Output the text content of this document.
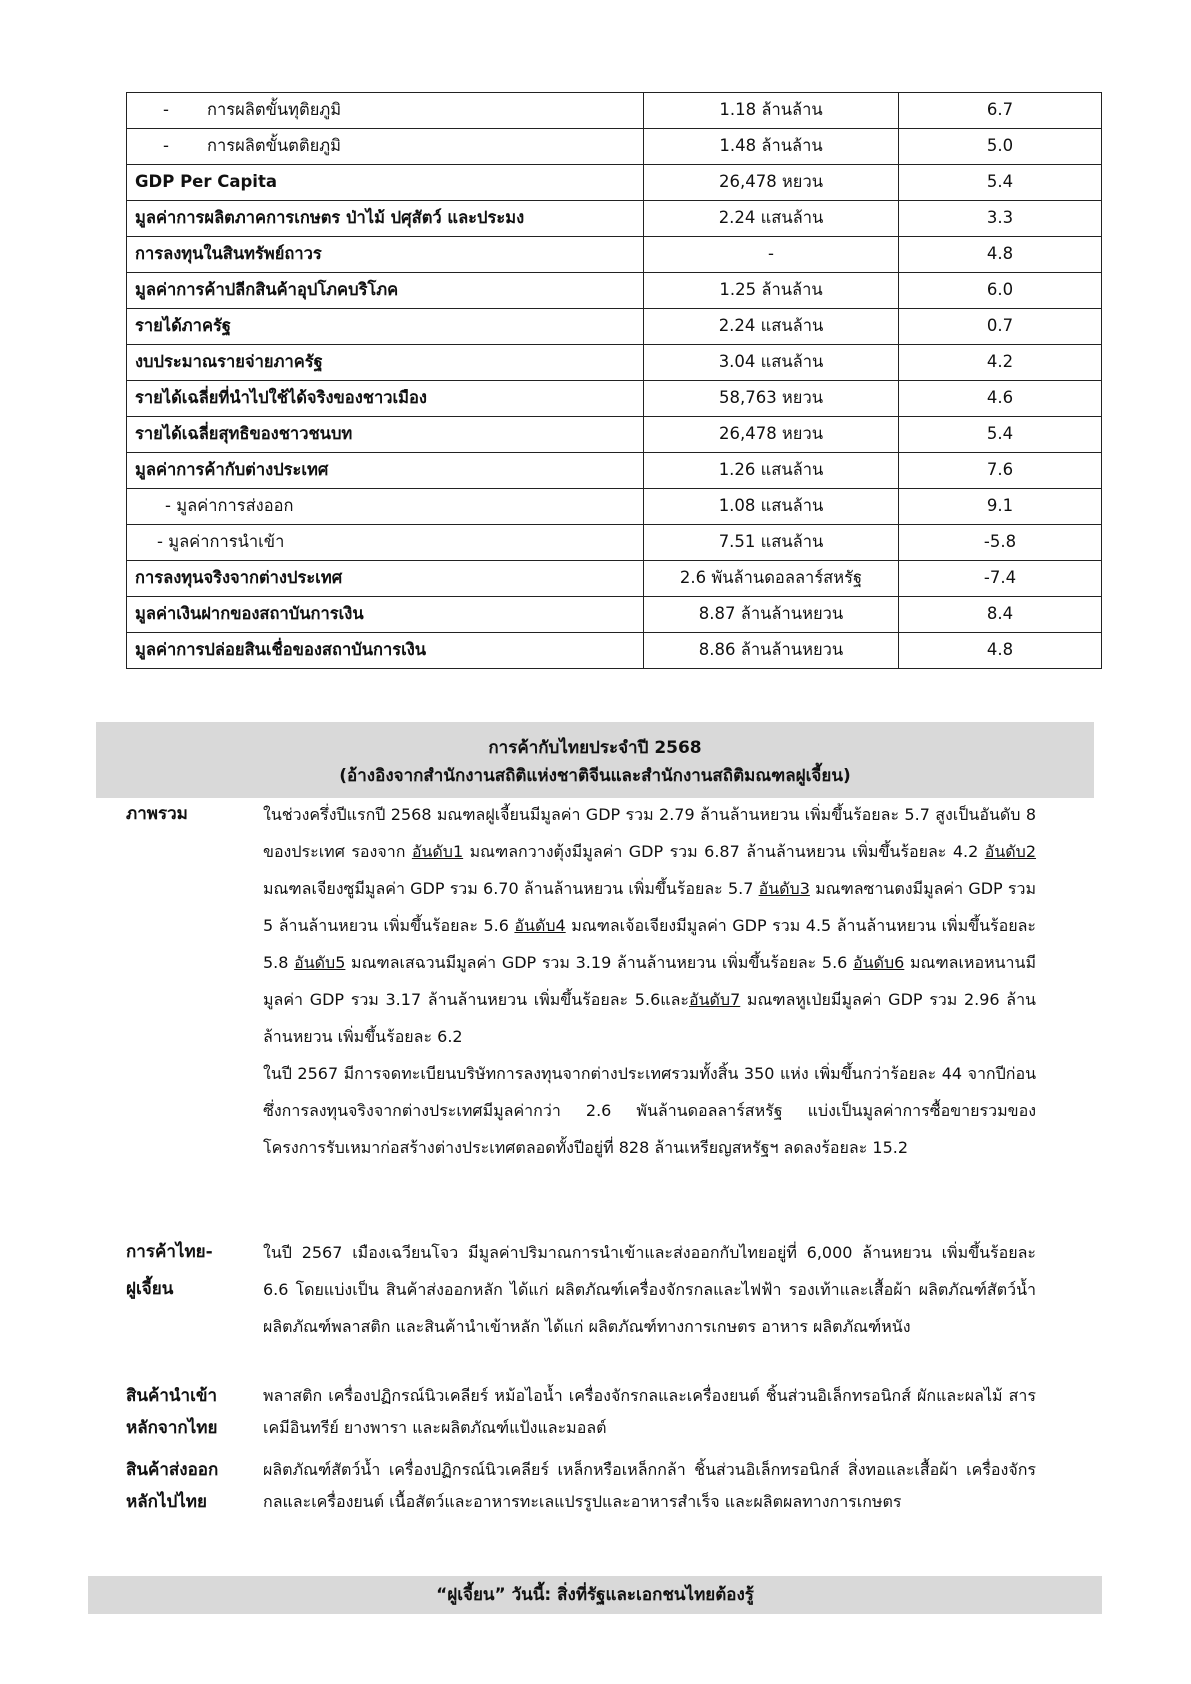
- การผลิตขั้นทุติยภูมิ	1.18 ล้านล้าน	6.7
- การผลิตขั้นตติยภูมิ	1.48 ล้านล้าน	5.0
GDP Per Capita	26,478 หยวน	5.4
มูลค่าการผลิตภาคการเกษตร ป่าไม้ ปศุสัตว์ และประมง	2.24 แสนล้าน	3.3
การลงทุนในสินทรัพย์ถาวร	-	4.8
มูลค่าการค้าปลีกสินค้าอุปโภคบริโภค	1.25 ล้านล้าน	6.0
รายได้ภาครัฐ	2.24 แสนล้าน	0.7
งบประมาณรายจ่ายภาครัฐ	3.04 แสนล้าน	4.2
รายได้เฉลี่ยที่นำไปใช้ได้จริงของชาวเมือง	58,763 หยวน	4.6
รายได้เฉลี่ยสุทธิของชาวชนบท	26,478 หยวน	5.4
มูลค่าการค้ากับต่างประเทศ	1.26 แสนล้าน	7.6
- มูลค่าการส่งออก	1.08 แสนล้าน	9.1
- มูลค่าการนำเข้า	7.51 แสนล้าน	-5.8
การลงทุนจริงจากต่างประเทศ	2.6 พันล้านดอลลาร์สหรัฐ	-7.4
มูลค่าเงินฝากของสถาบันการเงิน	8.87 ล้านล้านหยวน	8.4
มูลค่าการปล่อยสินเชื่อของสถาบันการเงิน	8.86 ล้านล้านหยวน	4.8
การค้ากับไทยประจำปี 2568
(อ้างอิงจากสำนักงานสถิติแห่งชาติจีนและสำนักงานสถิติมณฑลฝูเจี้ยน)
ภาพรวม	ในช่วงครึ่งปีแรกปี 2568 มณฑลฝูเจี้ยนมีมูลค่า GDP รวม 2.79 ล้านล้านหยวน เพิ่มขึ้นร้อยละ 5.7 สูงเป็นอันดับ 8 ของประเทศ รองจาก อันดับ1 มณฑลกวางตุ้งมีมูลค่า GDP รวม 6.87 ล้านล้านหยวน เพิ่มขึ้นร้อยละ 4.2 อันดับ2 มณฑลเจียงซูมีมูลค่า GDP รวม 6.70 ล้านล้านหยวน เพิ่มขึ้นร้อยละ 5.7 อันดับ3 มณฑลซานตงมีมูลค่า GDP รวม 5 ล้านล้านหยวน เพิ่มขึ้นร้อยละ 5.6 อันดับ4 มณฑลเจ้อเจียงมีมูลค่า GDP รวม 4.5 ล้านล้านหยวน เพิ่มขึ้นร้อยละ 5.8 อันดับ5 มณฑลเสฉวนมีมูลค่า GDP รวม 3.19 ล้านล้านหยวน เพิ่มขึ้นร้อยละ 5.6 อันดับ6 มณฑลเหอหนานมีมูลค่า GDP รวม 3.17 ล้านล้านหยวน เพิ่มขึ้นร้อยละ 5.6และอันดับ7 มณฑลหูเป่ยมีมูลค่า GDP รวม 2.96 ล้านล้านหยวน เพิ่มขึ้นร้อยละ 6.2

ในปี 2567 มีการจดทะเบียนบริษัทการลงทุนจากต่างประเทศรวมทั้งสิ้น 350 แห่ง เพิ่มขึ้นกว่าร้อยละ 44 จากปีก่อน ซึ่งการลงทุนจริงจากต่างประเทศมีมูลค่ากว่า 2.6 พันล้านดอลลาร์สหรัฐ แบ่งเป็นมูลค่าการซื้อขายรวมของโครงการรับเหมาก่อสร้างต่างประเทศตลอดทั้งปีอยู่ที่ 828 ล้านเหรียญสหรัฐฯ ลดลงร้อยละ 15.2

การค้าไทย-
ฝูเจี้ยน
ในปี 2567 เมืองเฉวียนโจว มีมูลค่าปริมาณการนำเข้าและส่งออกกับไทยอยู่ที่ 6,000 ล้านหยวน เพิ่มขึ้นร้อยละ 6.6 โดยแบ่งเป็น สินค้าส่งออกหลัก ได้แก่ ผลิตภัณฑ์เครื่องจักรกลและไฟฟ้า รองเท้าและเสื้อผ้า ผลิตภัณฑ์สัตว์น้ำ ผลิตภัณฑ์พลาสติก และสินค้านำเข้าหลัก ได้แก่ ผลิตภัณฑ์ทางการเกษตร อาหาร ผลิตภัณฑ์หนัง
สินค้านำเข้า
หลักจากไทย
พลาสติก เครื่องปฏิกรณ์นิวเคลียร์ หม้อไอน้ำ เครื่องจักรกลและเครื่องยนต์ ชิ้นส่วนอิเล็กทรอนิกส์ ผักและผลไม้ สารเคมีอินทรีย์ ยางพารา และผลิตภัณฑ์แป้งและมอลต์
สินค้าส่งออก
หลักไปไทย
ผลิตภัณฑ์สัตว์น้ำ เครื่องปฏิกรณ์นิวเคลียร์ เหล็กหรือเหล็กกล้า ชิ้นส่วนอิเล็กทรอนิกส์ สิ่งทอและเสื้อผ้า เครื่องจักรกลและเครื่องยนต์ เนื้อสัตว์และอาหารทะเลแปรรูปและอาหารสำเร็จ และผลิตผลทางการเกษตร
“ฝูเจี้ยน” วันนี้: สิ่งที่รัฐและเอกชนไทยต้องรู้
